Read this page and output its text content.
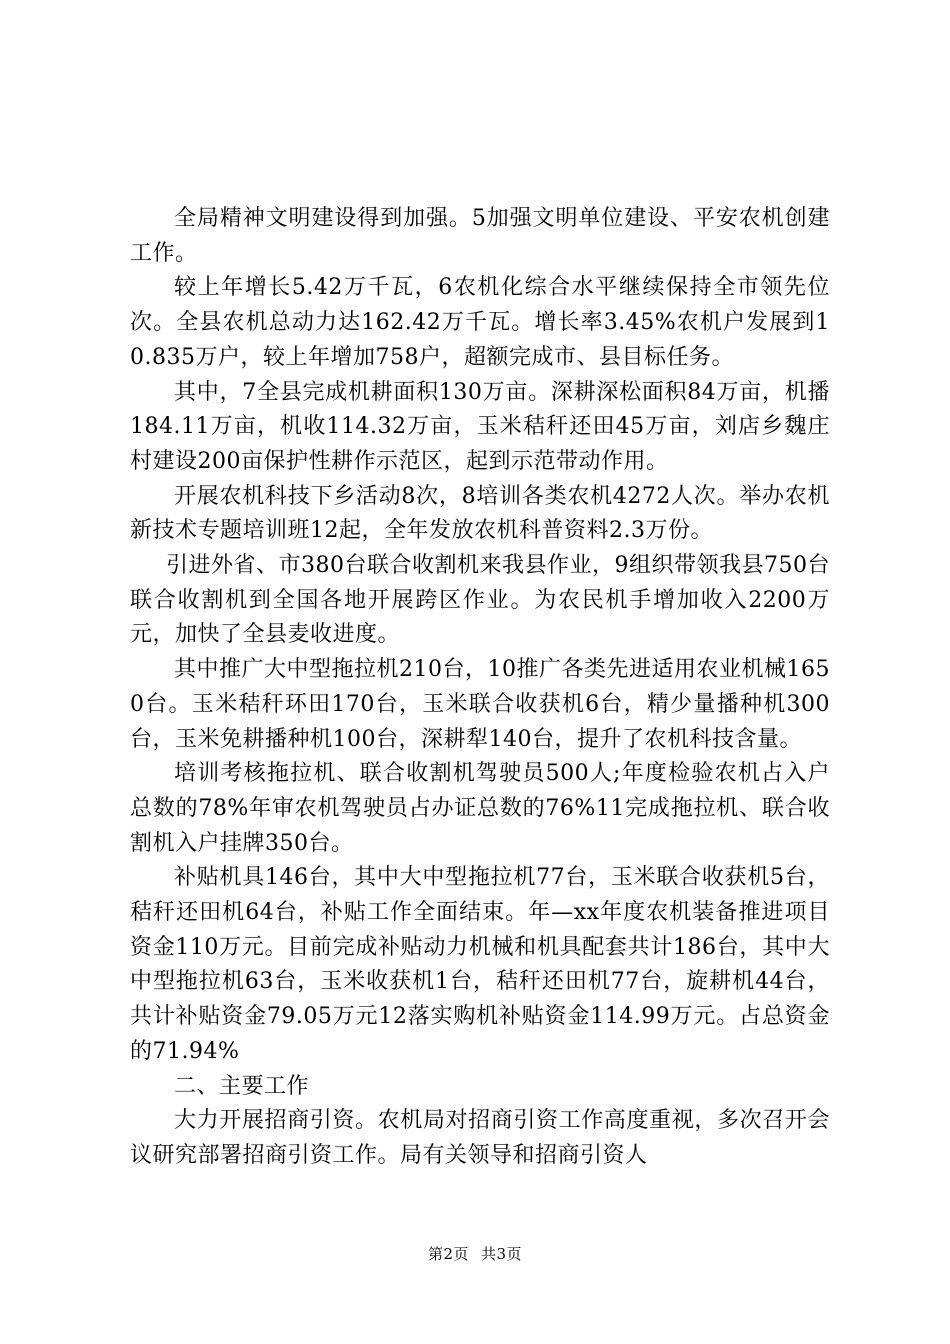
全局精神文明建设得到加强。5加强文明单位建设、平安农机创建工作。

较上年增长5.42万千瓦，6农机化综合水平继续保持全市领先位次。全县农机总动力达162.42万千瓦。增长率3.45%农机户发展到10.835万户，较上年增加758户，超额完成市、县目标任务。

其中，7全县完成机耕面积130万亩。深耕深松面积84万亩，机播184.11万亩，机收114.32万亩，玉米秸秆还田45万亩，刘店乡魏庄村建设200亩保护性耕作示范区，起到示范带动作用。

开展农机科技下乡活动8次，8培训各类农机4272人次。举办农机新技术专题培训班12起，全年发放农机科普资料2.3万份。

引进外省、市380台联合收割机来我县作业，9组织带领我县750台联合收割机到全国各地开展跨区作业。为农民机手增加收入2200万元，加快了全县麦收进度。

其中推广大中型拖拉机210台，10推广各类先进适用农业机械1650台。玉米秸秆环田170台，玉米联合收获机6台，精少量播种机300台，玉米免耕播种机100台，深耕犁140台，提升了农机科技含量。

培训考核拖拉机、联合收割机驾驶员500人;年度检验农机占入户总数的78%年审农机驾驶员占办证总数的76%11完成拖拉机、联合收割机入户挂牌350台。

补贴机具146台，其中大中型拖拉机77台，玉米联合收获机5台，秸秆还田机64台，补贴工作全面结束。年—xx年度农机装备推进项目资金110万元。目前完成补贴动力机械和机具配套共计186台，其中大中型拖拉机63台，玉米收获机1台，秸秆还田机77台，旋耕机44台，共计补贴资金79.05万元12落实购机补贴资金114.99万元。占总资金的71.94%

二、主要工作

大力开展招商引资。农机局对招商引资工作高度重视，多次召开会议研究部署招商引资工作。局有关领导和招商引资人

第2页 共3页
